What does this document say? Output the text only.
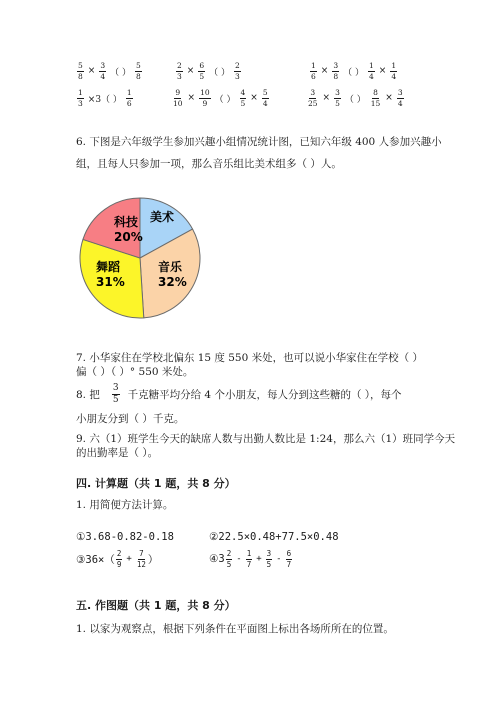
$\frac{5}{8} \times \frac{3}{4}$ （ ） $\frac{5}{8}$	$\frac{2}{3} \times \frac{6}{5}$ （ ） $\frac{2}{3}$	$\frac{1}{6} \times \frac{3}{8}$ （ ） $\frac{1}{4} \times \frac{1}{4}$
$\frac{1}{3} \times 3$（ ） $\frac{1}{6}$	$\frac{9}{10} \times \frac{10}{9}$ （ ） $\frac{4}{5} \times \frac{5}{4}$	$\frac{3}{25} \times \frac{3}{5}$ （ ） $\frac{8}{15} \times \frac{3}{4}$
6. 下图是六年级学生参加兴趣小组情况统计图，已知六年级 400 人参加兴趣小
组，且每人只参加一项，那么音乐组比美术组多（ ）人。
科技
20%
美术
舞蹈
31%
音乐
32%
7. 小华家住在学校北偏东 15 度 550 米处，也可以说小华家住在学校（ ）
偏（ ）（ ）° 550 米处。
8. 把 $\frac{3}{5}$ 千克糖平均分给 4 个小朋友，每人分到这些糖的（ ），每个
小朋友分到（ ）千克。
9. 六（1）班学生今天的缺席人数与出勤人数比是 1:24，那么六（1）班同学今天
的出勤率是（ ）。
四. 计算题（共 1 题，共 8 分）
1. 用简便方法计算。
①3.68-0.82-0.18	②22.5×0.48+77.5×0.48
③36×（ $\frac{2}{9} + \frac{7}{12}$ ）	④3 $\frac{2}{5} - \frac{1}{7} + \frac{3}{5} - \frac{6}{7}$
五. 作图题（共 1 题，共 8 分）
1. 以家为观察点，根据下列条件在平面图上标出各场所所在的位置。
